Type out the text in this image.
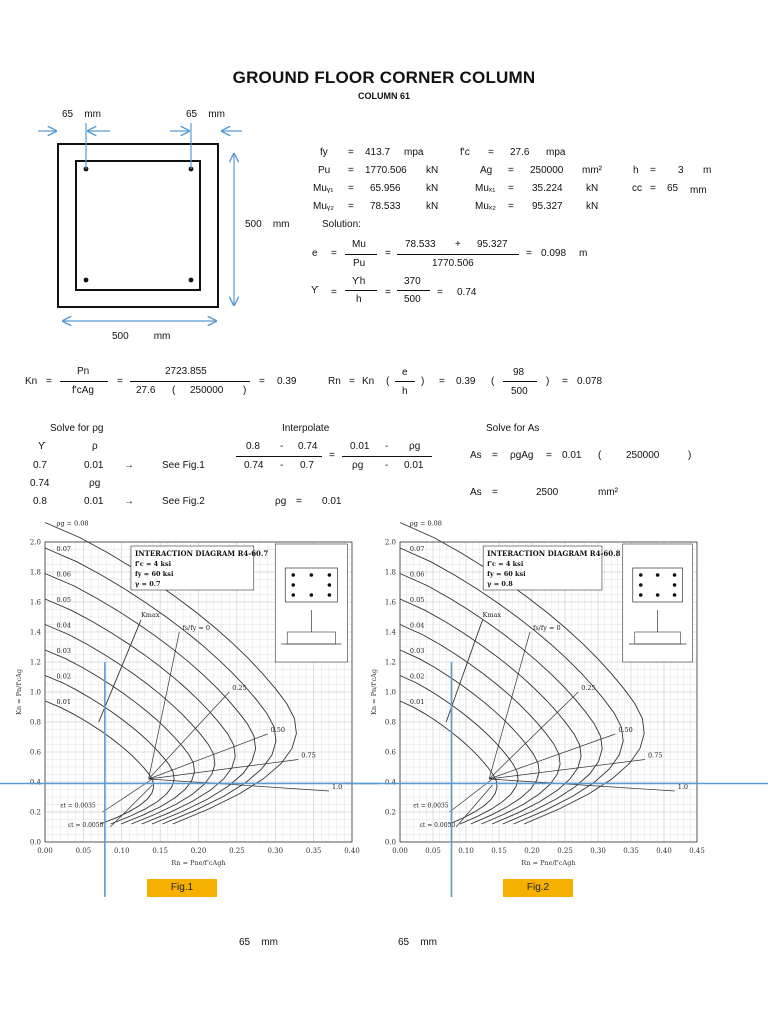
GROUND FLOOR CORNER COLUMN
COLUMN 61
65 mm	65 mm
500 mm
500	mm
fy = 413.7 mpa	f'c = 27.6 mpa
Pu = 1770.506 kN	Ag = 250000 mm²	h = 3 m
Muᵧ₁ = 65.956	kN	Muₓ₁ = 35.224 kN	cc = 65 mm
Muᵧ₂ = 78.533	kN	Muₓ₂ = 95.327 kN
Solution:
e =
Mu
Pu
=
78.533 + 95.327
1770.506
= 0.098 m
ϒ =
ϒh
h
=
370
500
= 0.74
Kn =
Pn
f'cAg
=
2723.855
27.6 ( 250000 )
= 0.39	Rn = Kn (
e
h
) = 0.39 (
98
500
) = 0.078
Solve for ρg
ϒ	ρ
0.7	0.01 →	See Fig.1
0.74	ρg
0.8	0.01 →	See Fig.2
Interpolate
0.8 - 0.74
0.74 - 0.7
=
0.01 - ρg
ρg - 0.01
ρg = 0.01
Solve for As
As = ρgAg = 0.01 ( 250000	)
As =	2500	mm²
0.00	0.05	0.10	0.15	0.20	0.25	0.30	0.35	0.40
0.0
0.2
0.4
0.6
0.8
1.0
1.2
1.4
1.6
1.8
2.0
Rn = Pne/f'cAgh
Kn = Pn/f'cAg
ρg = 0.08
0.07
0.06
0.05
0.04
0.03
0.02
0.01
fs/fy = 0
0.25
0.50
0.75
1.0
Kmax
εt = 0.0035
εt = 0.0050
INTERACTION DIAGRAM R4-60.7
f'c = 4 ksi
fy = 60 ksi
γ = 0.7
0.00 0.05 0.10 0.15 0.20 0.25 0.30 0.35 0.40 0.45
0.0
0.2
0.4
0.6
0.8
1.0
1.2
1.4
1.6
1.8
2.0
Rn = Pne/f'cAgh
Kn = Pn/f'cAg
ρg = 0.08
0.07
0.06
0.05
0.04
0.03
0.02
0.01
fs/fy = 0
0.25
0.50
0.75
1.0
Kmax
εt = 0.0035
εt = 0.0050
INTERACTION DIAGRAM R4-60.8
f'c = 4 ksi
fy = 60 ksi
γ = 0.8
Fig.1	Fig.2
65 mm	65 mm
